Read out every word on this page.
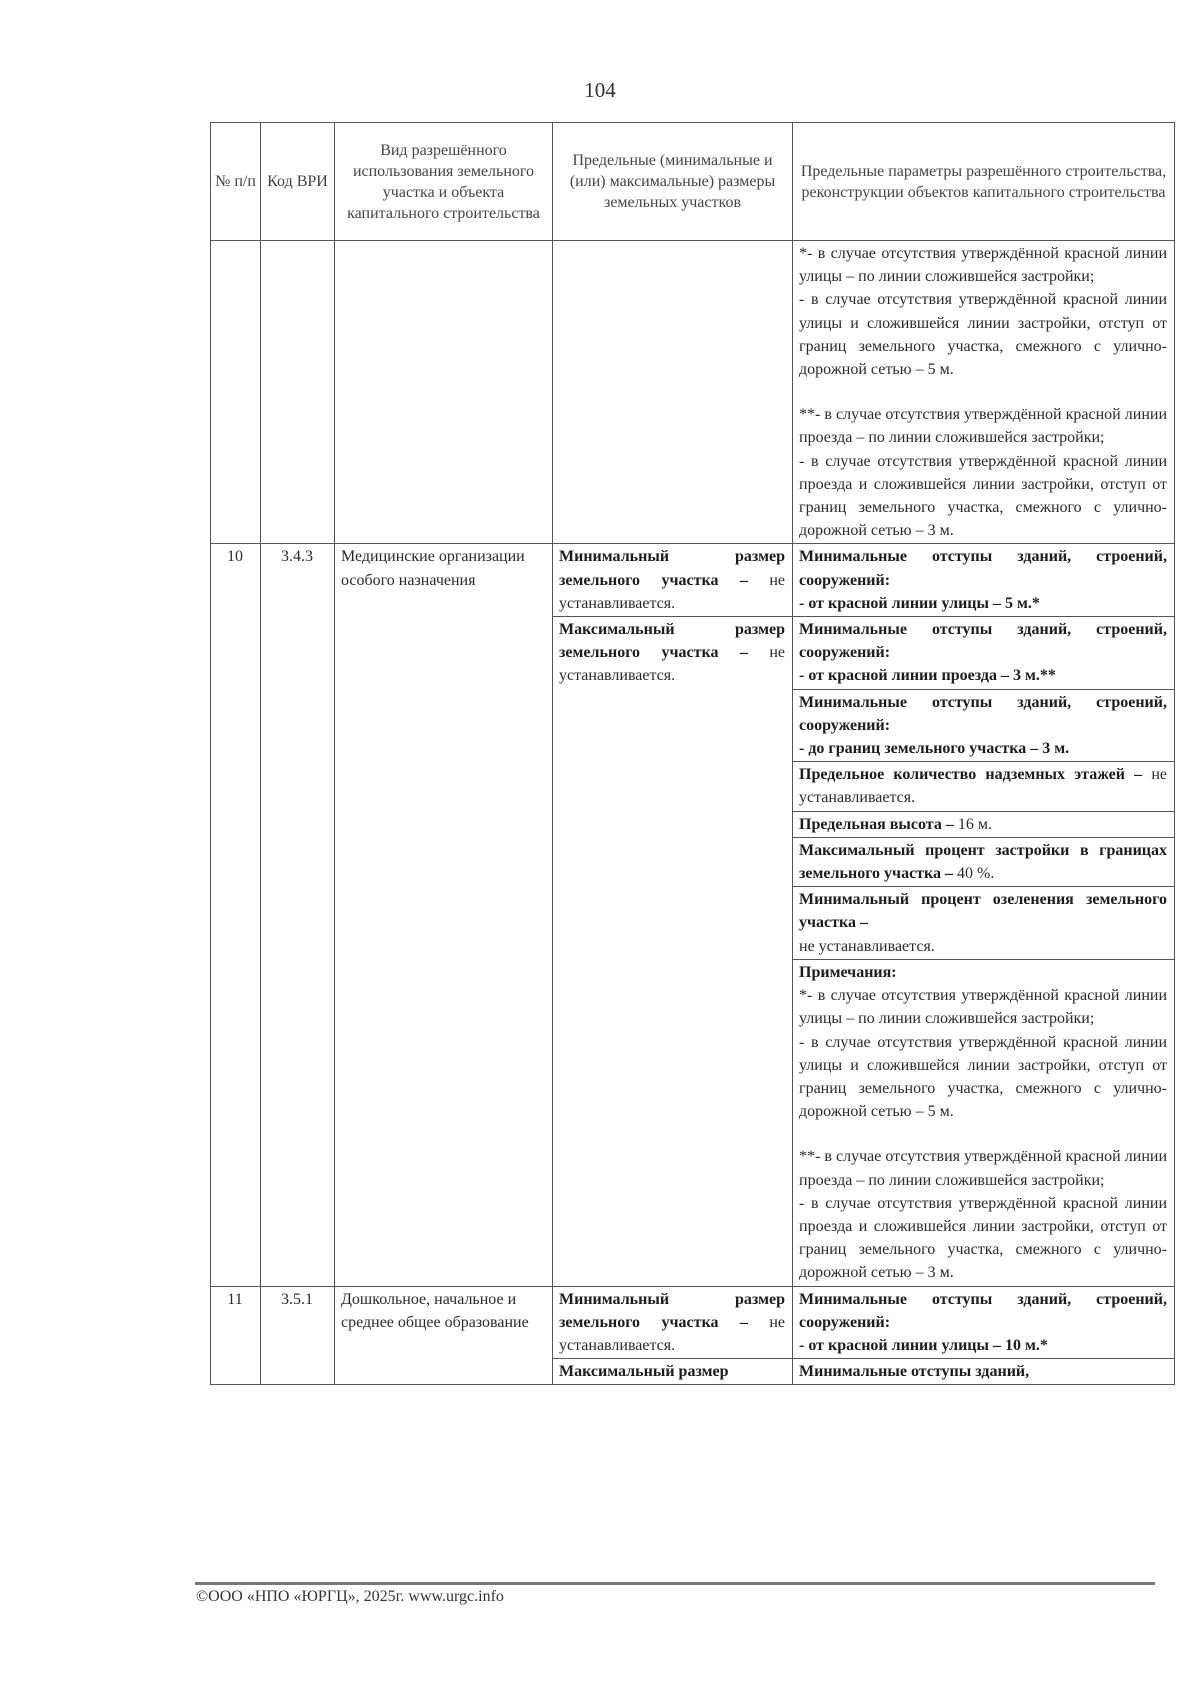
104
№ п/п	Код ВРИ	Вид разрешённого использования земельного участка и объекта капитального строительства	Предельные (минимальные и (или) максимальные) размеры земельных участков	Предельные параметры разрешённого строительства, реконструкции объектов капитального строительства

				*- в случае отсутствия утверждённой красной линии улицы – по линии сложившейся застройки;
- в случае отсутствия утверждённой красной линии улицы и сложившейся линии застройки, отступ от границ земельного участка, смежного с улично-дорожной сетью – 5 м.
**- в случае отсутствия утверждённой красной линии проезда – по линии сложившейся застройки;
- в случае отсутствия утверждённой красной линии проезда и сложившейся линии застройки, отступ от границ земельного участка, смежного с улично-дорожной сетью – 3 м.

10	3.4.3	Медицинские организации особого назначения	Минимальный размер земельного участка – не устанавливается.	Минимальные отступы зданий, строений, сооружений:
- от красной линии улицы – 5 м.*

			Максимальный размер земельного участка – не устанавливается.	Минимальные отступы зданий, строений, сооружений:
- от красной линии проезда – 3 м.**

				Минимальные отступы зданий, строений, сооружений:
- до границ земельного участка – 3 м.

				Предельное количество надземных этажей – не устанавливается.
				Предельная высота – 16 м.
				Максимальный процент застройки в границах земельного участка – 40 %.
				Минимальный процент озеленения земельного участка –
не устанавливается.

				Примечания:
*- в случае отсутствия утверждённой красной линии улицы – по линии сложившейся застройки;
- в случае отсутствия утверждённой красной линии улицы и сложившейся линии застройки, отступ от границ земельного участка, смежного с улично-дорожной сетью – 5 м.
**- в случае отсутствия утверждённой красной линии проезда – по линии сложившейся застройки;
- в случае отсутствия утверждённой красной линии проезда и сложившейся линии застройки, отступ от границ земельного участка, смежного с улично-дорожной сетью – 3 м.

11	3.5.1	Дошкольное, начальное и среднее общее образование	Минимальный размер земельного участка – не устанавливается.	Минимальные отступы зданий, строений, сооружений:
- от красной линии улицы – 10 м.*

			Максимальный размер	Минимальные отступы зданий,
©ООО «НПО «ЮРГЦ», 2025г. www.urgc.info
